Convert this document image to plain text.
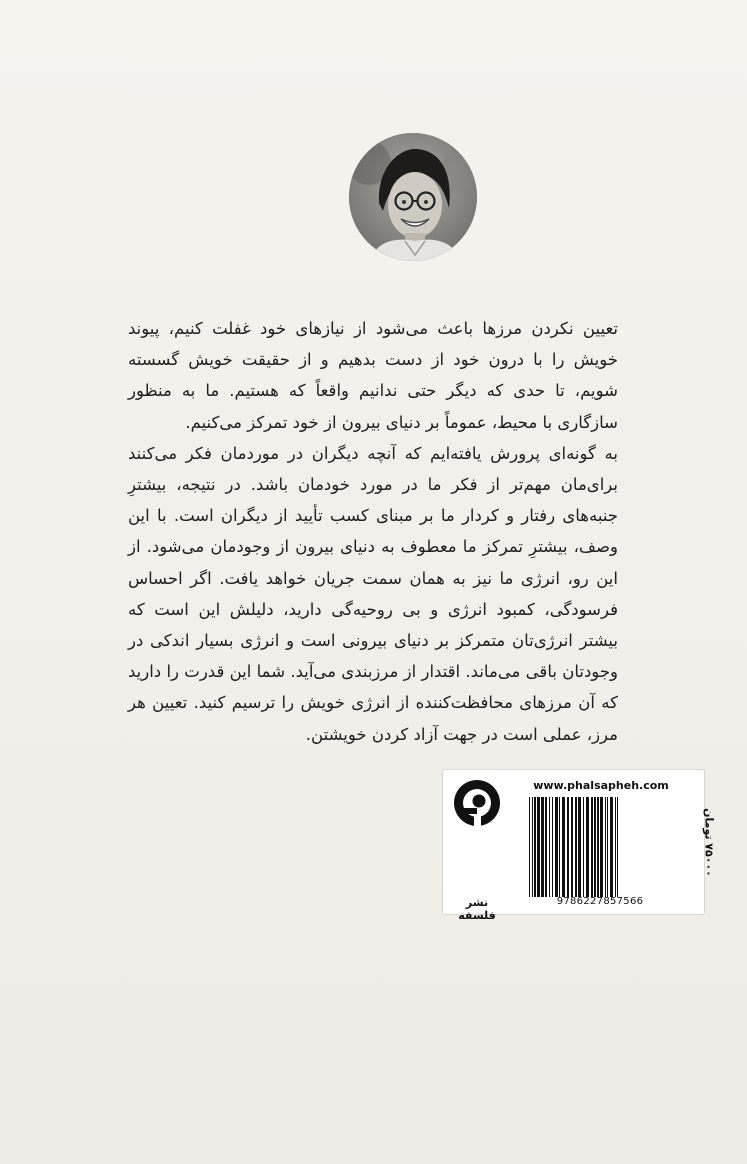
تعیین نکردن مرزها باعث می‌شود از نیازهای خود غفلت کنیم، پیوند خویش را با درون خود از دست بدهیم و از حقیقت خویش گسسته شویم، تا حدی که دیگر حتی ندانیم واقعاً که هستیم. ما به منظور سازگاری با محیط، عموماً بر دنیای بیرون از خود تمرکز می‌کنیم.

به گونه‌ای پرورش یافته‌ایم که آنچه دیگران در موردمان فکر می‌کنند برای‌مان مهم‌تر از فکر ما در مورد خودمان باشد. در نتیجه، بیشترِ جنبه‌های رفتار و کردار ما بر مبنای کسب تأیید از دیگران است. با این وصف، بیشترِ تمرکز ما معطوف به دنیای بیرون از وجودمان می‌شود. از این رو، انرژی ما نیز به همان سمت جریان خواهد یافت. اگر احساس فرسودگی، کمبود انرژی و بی روحیه‌گی دارید، دلیلش این است که بیشتر انرژی‌تان متمرکز بر دنیای بیرونی است و انرژی بسیار اندکی در وجودتان باقی می‌ماند. اقتدار از مرزبندی می‌آید. شما این قدرت را دارید که آن مرزهای محافظت‌کننده از انرژی خویش را ترسیم کنید. تعیین هر مرز، عملی است در جهت آزاد کردن خویشتن.

نشر فلسفه
www.phalsapheh.com
9786227857566
۷۵۰۰۰ تومان
